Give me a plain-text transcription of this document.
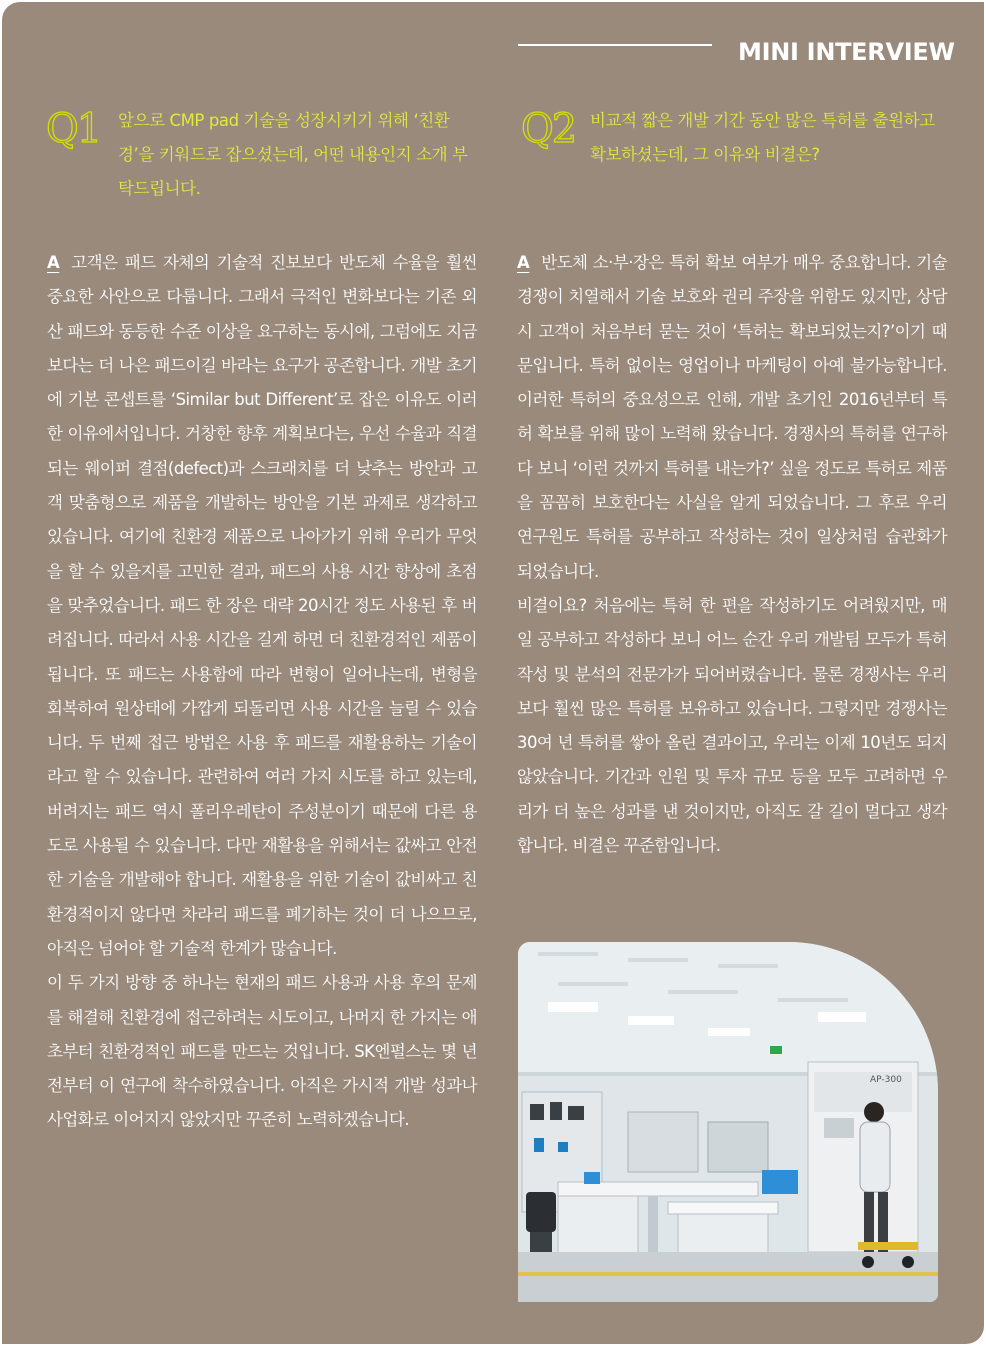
MINI INTERVIEW
Q1 앞으로 CMP pad 기술을 성장시키기 위해 ‘친환경’을 키워드로 잡으셨는데, 어떤 내용인지 소개 부탁드립니다.
Q2 비교적 짧은 개발 기간 동안 많은 특허를 출원하고 확보하셨는데, 그 이유와 비결은?

A 고객은 패드 자체의 기술적 진보보다 반도체 수율을 훨씬 중요한 사안으로 다룹니다. 그래서 극적인 변화보다는 기존 외산 패드와 동등한 수준 이상을 요구하는 동시에, 그럼에도 지금보다는 더 나은 패드이길 바라는 요구가 공존합니다. 개발 초기에 기본 콘셉트를 ‘Similar but Different’로 잡은 이유도 이러한 이유에서입니다. 거창한 향후 계획보다는, 우선 수율과 직결되는 웨이퍼 결점(defect)과 스크래치를 더 낮추는 방안과 고객 맞춤형으로 제품을 개발하는 방안을 기본 과제로 생각하고 있습니다. 여기에 친환경 제품으로 나아가기 위해 우리가 무엇을 할 수 있을지를 고민한 결과, 패드의 사용 시간 향상에 초점을 맞추었습니다. 패드 한 장은 대략 20시간 정도 사용된 후 버려집니다. 따라서 사용 시간을 길게 하면 더 친환경적인 제품이 됩니다. 또 패드는 사용함에 따라 변형이 일어나는데, 변형을 회복하여 원상태에 가깝게 되돌리면 사용 시간을 늘릴 수 있습니다. 두 번째 접근 방법은 사용 후 패드를 재활용하는 기술이라고 할 수 있습니다. 관련하여 여러 가지 시도를 하고 있는데, 버려지는 패드 역시 폴리우레탄이 주성분이기 때문에 다른 용도로 사용될 수 있습니다. 다만 재활용을 위해서는 값싸고 안전한 기술을 개발해야 합니다. 재활용을 위한 기술이 값비싸고 친환경적이지 않다면 차라리 패드를 폐기하는 것이 더 나으므로, 아직은 넘어야 할 기술적 한계가 많습니다.

이 두 가지 방향 중 하나는 현재의 패드 사용과 사용 후의 문제를 해결해 친환경에 접근하려는 시도이고, 나머지 한 가지는 애초부터 친환경적인 패드를 만드는 것입니다. SK엔펄스는 몇 년 전부터 이 연구에 착수하였습니다. 아직은 가시적 개발 성과나 사업화로 이어지지 않았지만 꾸준히 노력하겠습니다.

A 반도체 소·부·장은 특허 확보 여부가 매우 중요합니다. 기술 경쟁이 치열해서 기술 보호와 권리 주장을 위함도 있지만, 상담 시 고객이 처음부터 묻는 것이 ‘특허는 확보되었는지?’이기 때문입니다. 특허 없이는 영업이나 마케팅이 아예 불가능합니다. 이러한 특허의 중요성으로 인해, 개발 초기인 2016년부터 특허 확보를 위해 많이 노력해 왔습니다. 경쟁사의 특허를 연구하다 보니 ‘이런 것까지 특허를 내는가?’ 싶을 정도로 특허로 제품을 꼼꼼히 보호한다는 사실을 알게 되었습니다. 그 후로 우리 연구원도 특허를 공부하고 작성하는 것이 일상처럼 습관화가 되었습니다.

비결이요? 처음에는 특허 한 편을 작성하기도 어려웠지만, 매일 공부하고 작성하다 보니 어느 순간 우리 개발팀 모두가 특허 작성 및 분석의 전문가가 되어버렸습니다. 물론 경쟁사는 우리보다 훨씬 많은 특허를 보유하고 있습니다. 그렇지만 경쟁사는 30여 년 특허를 쌓아 올린 결과이고, 우리는 이제 10년도 되지 않았습니다. 기간과 인원 및 투자 규모 등을 모두 고려하면 우리가 더 높은 성과를 낸 것이지만, 아직도 갈 길이 멀다고 생각합니다. 비결은 꾸준함입니다.

AP-300
